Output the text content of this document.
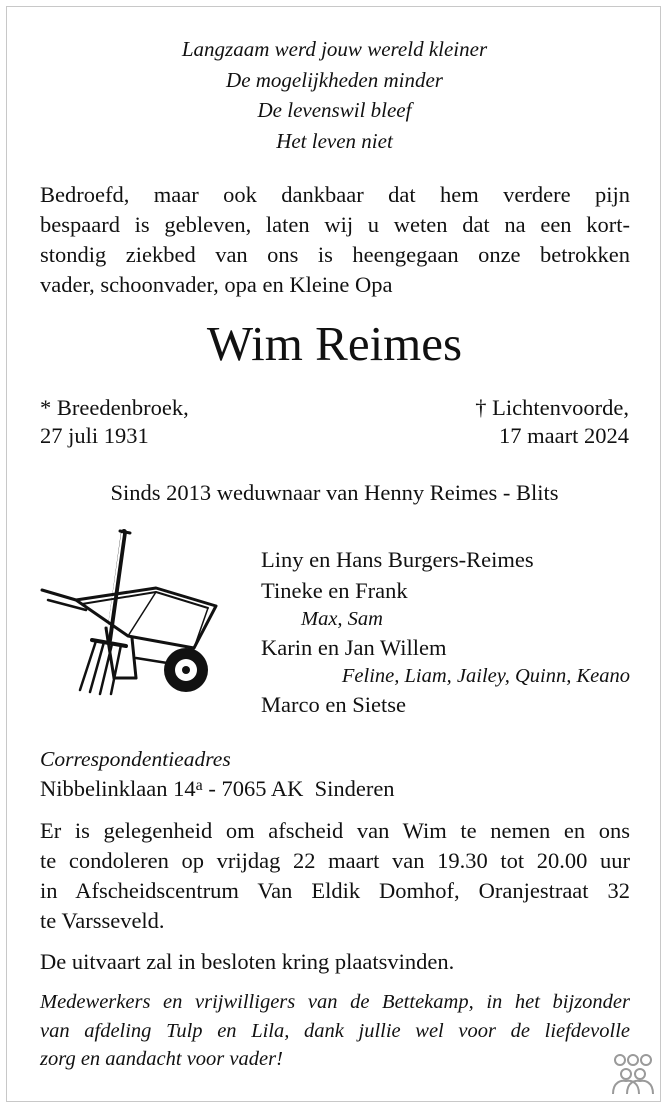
Langzaam werd jouw wereld kleiner
De mogelijkheden minder
De levenswil bleef
Het leven niet
Bedroefd, maar ook dankbaar dat hem verdere pijn
bespaard is gebleven, laten wij u weten dat na een kort-
stondig ziekbed van ons is heengegaan onze betrokken
vader, schoonvader, opa en Kleine Opa
Wim Reimes
* Breedenbroek,
27 juli 1931
† Lichtenvoorde,
17 maart 2024
Sinds 2013 weduwnaar van Henny Reimes - Blits
Liny en Hans Burgers-Reimes
Tineke en Frank
Max, Sam
Karin en Jan Willem
Feline, Liam, Jailey, Quinn, Keano
Marco en Sietse
Correspondentieadres
Nibbelinklaan 14$^a$ - 7065 AK  Sinderen
Er is gelegenheid om afscheid van Wim te nemen en ons
te condoleren op vrijdag 22 maart van 19.30 tot 20.00 uur
in Afscheidscentrum Van Eldik Domhof, Oranjestraat 32
te Varsseveld.
De uitvaart zal in besloten kring plaatsvinden.
Medewerkers en vrijwilligers van de Bettekamp, in het bijzonder
van afdeling Tulp en Lila, dank jullie wel voor de liefdevolle
zorg en aandacht voor vader!
